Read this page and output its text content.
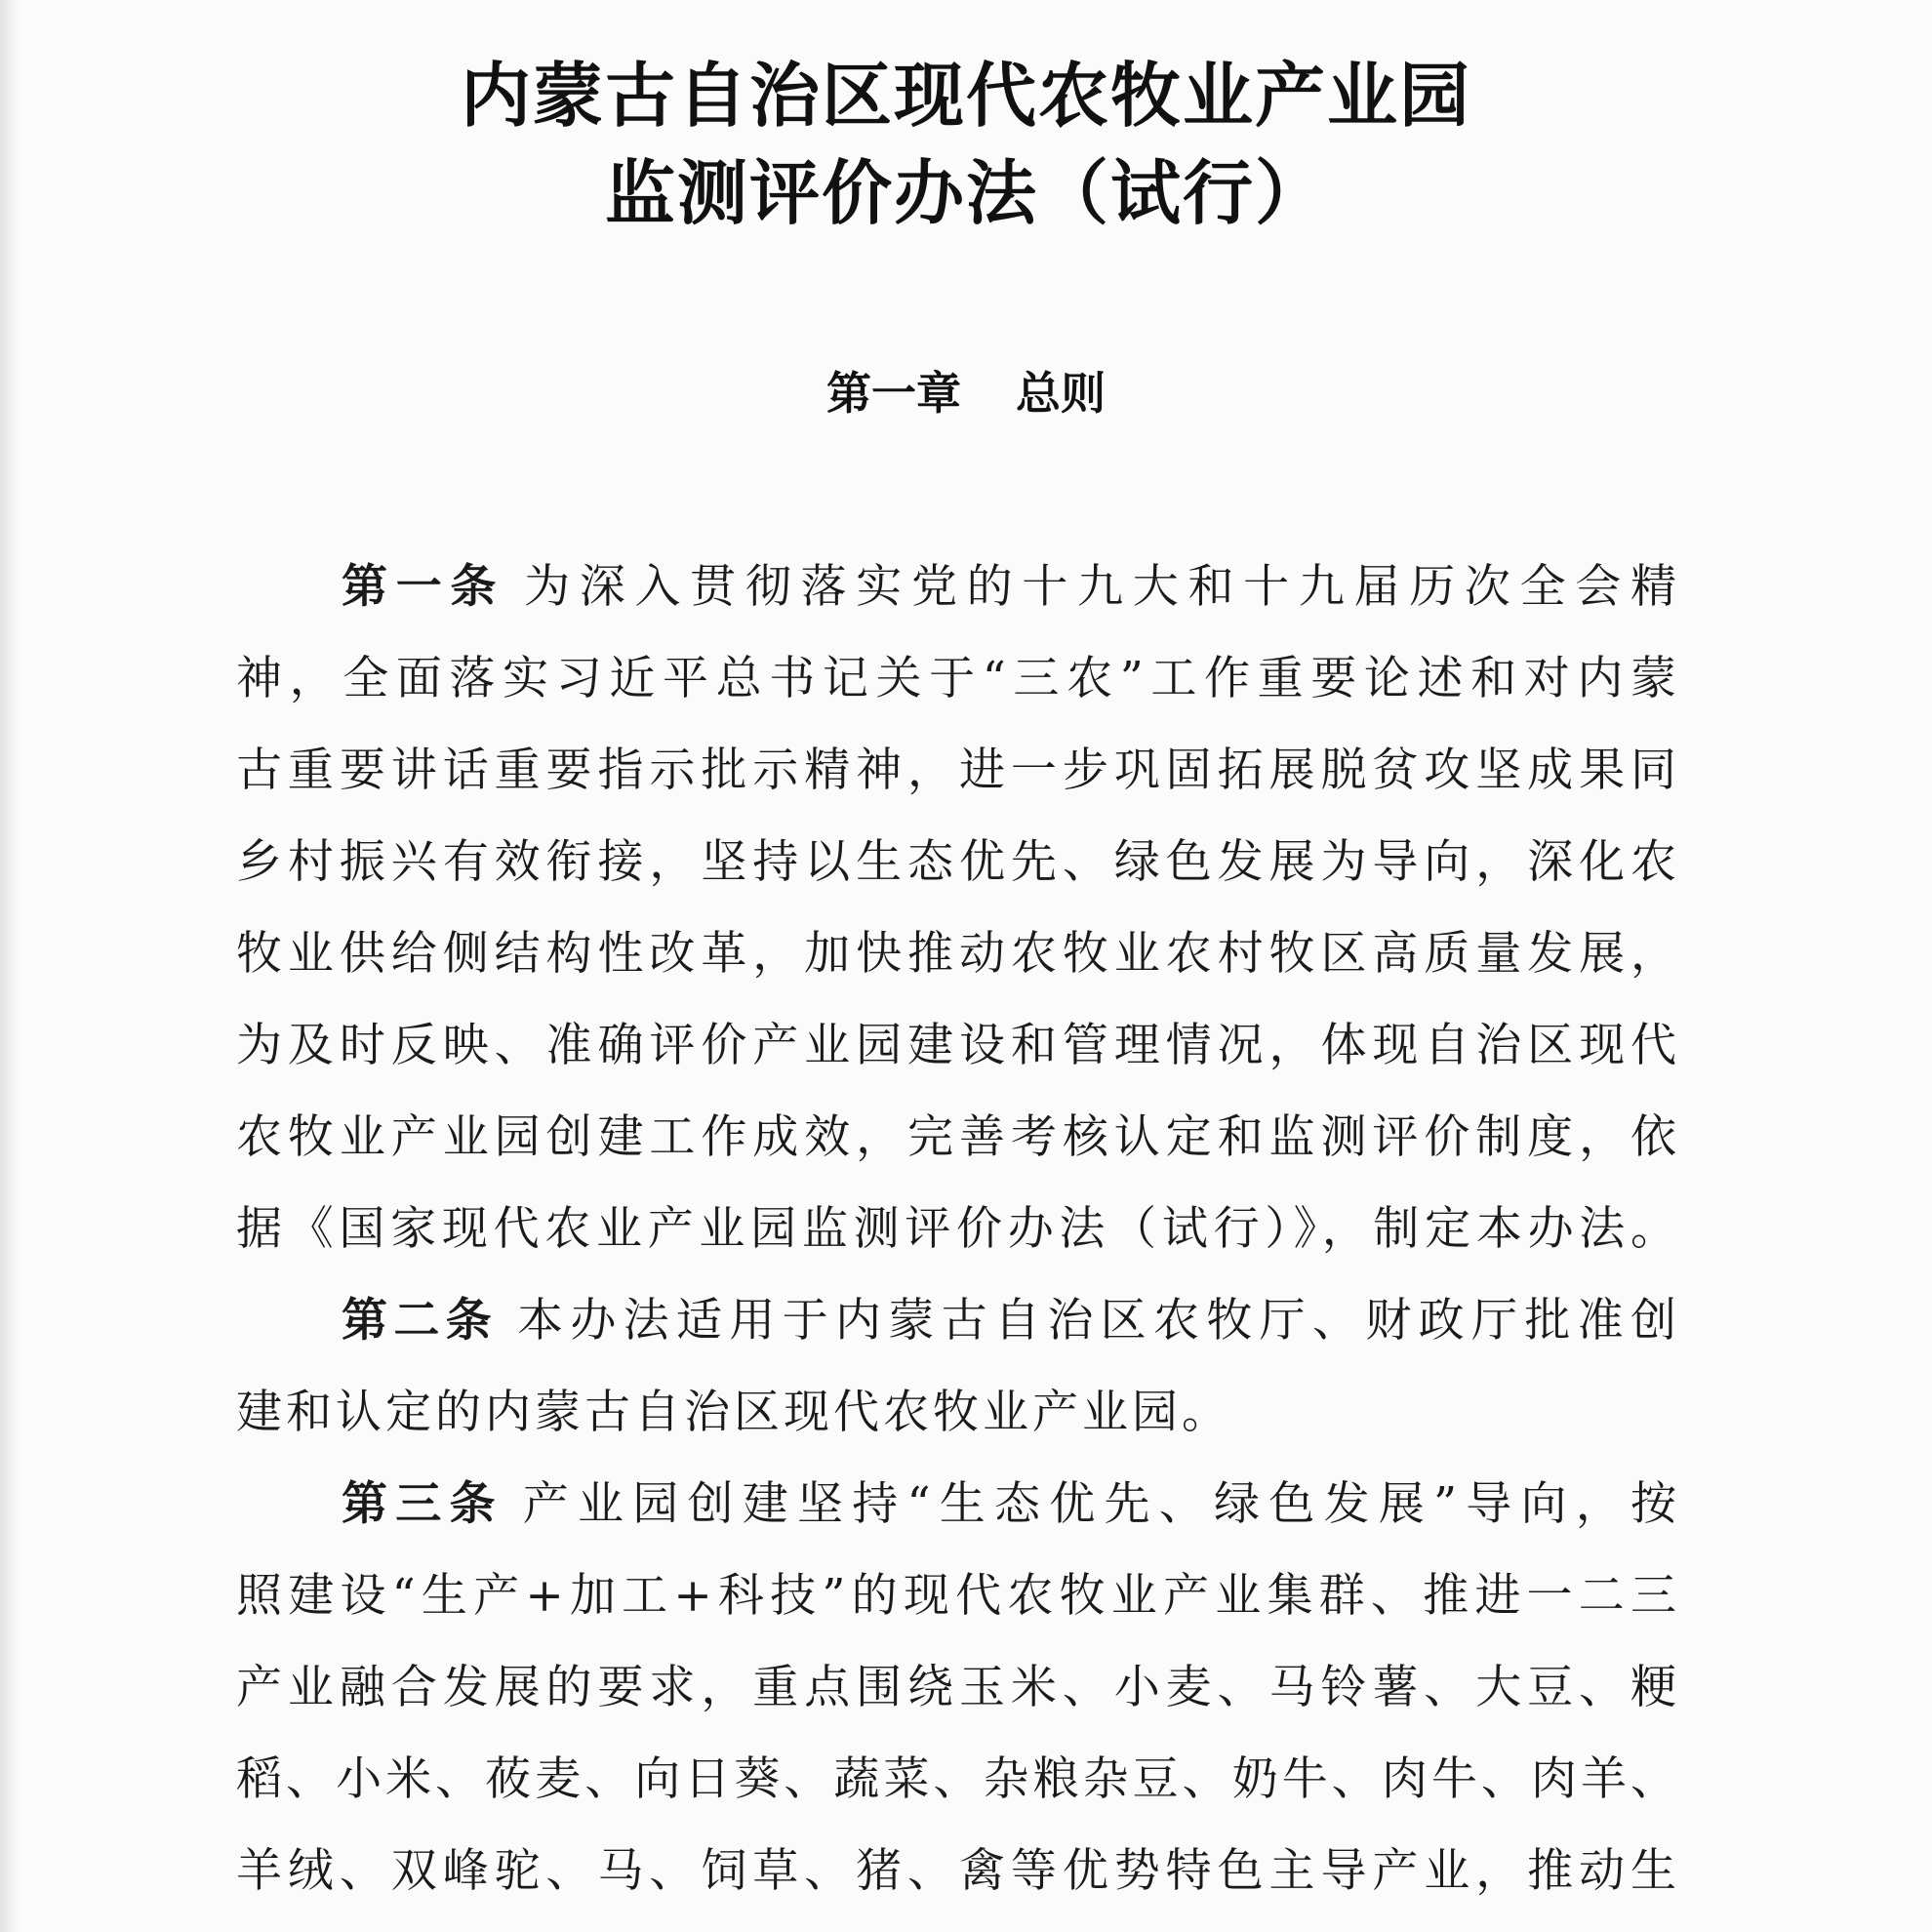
内蒙古自治区现代农牧业产业园
监测评价办法（试行）
第一章 总则
第一条 为深入贯彻落实党的十九大和十九届历次全会精
神，全面落实习近平总书记关于“三农”工作重要论述和对内蒙
古重要讲话重要指示批示精神，进一步巩固拓展脱贫攻坚成果同
乡村振兴有效衔接，坚持以生态优先、绿色发展为导向，深化农
牧业供给侧结构性改革，加快推动农牧业农村牧区高质量发展，
为及时反映、准确评价产业园建设和管理情况，体现自治区现代
农牧业产业园创建工作成效，完善考核认定和监测评价制度，依
据《国家现代农业产业园监测评价办法（试行）》，制定本办法。
第二条 本办法适用于内蒙古自治区农牧厅、财政厅批准创
建和认定的内蒙古自治区现代农牧业产业园。
第三条 产业园创建坚持“生态优先、绿色发展”导向，按
照建设“生产+加工+科技”的现代农牧业产业集群、推进一二三
产业融合发展的要求，重点围绕玉米、小麦、马铃薯、大豆、粳
稻、小米、莜麦、向日葵、蔬菜、杂粮杂豆、奶牛、肉牛、肉羊、
羊绒、双峰驼、马、饲草、猪、禽等优势特色主导产业，推动生
